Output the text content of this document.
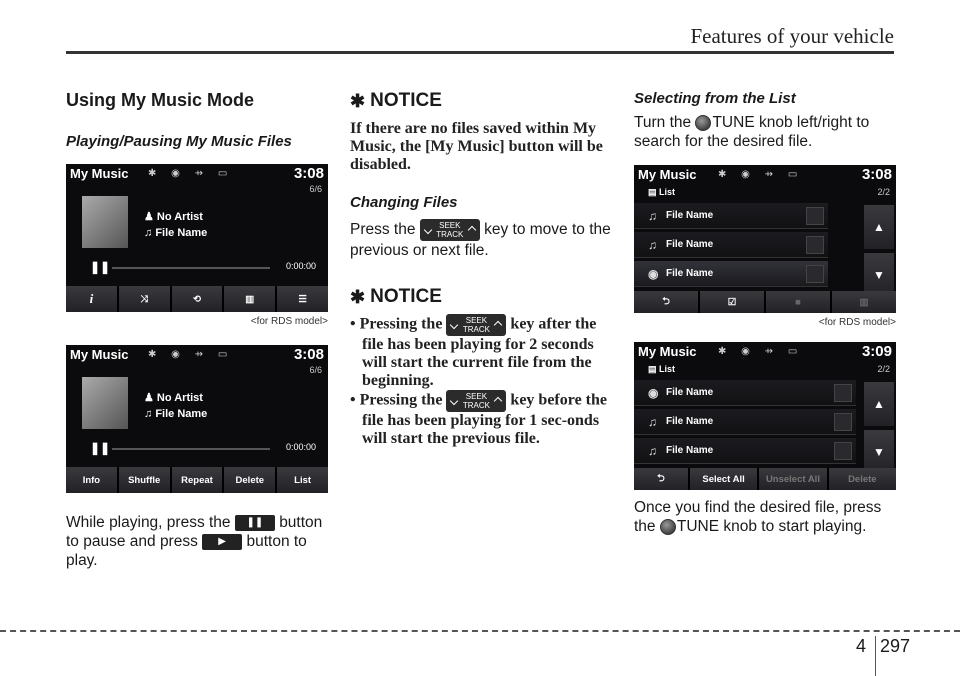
Features of your vehicle
Using My Music Mode
Playing/Pausing My Music Files
My Music ✱ ◉ ⇸ ▭	3:08
6/6
♟ No Artist
♫ File Name
❚❚	0:00:00
i	⤨	⟲	▥	☰
<for RDS model>
My Music ✱ ◉ ⇸ ▭	3:08
6/6
♟ No Artist
♫ File Name
❚❚	0:00:00
Info	Shuffle	Repeat	Delete	List

While playing, press the ❚❚ button to pause and press ▶ button to play.

✱ NOTICE

If there are no files saved within My Music, the [My Music] button will be disabled.

Changing Files

Press the	SEEK
TRACK key to move to the previous or next file.

✱ NOTICE

• Pressing the	SEEK
TRACK key after the file has been playing for 2 seconds will start the current file from the beginning.

• Pressing the	SEEK
TRACK key before the file has been playing for 1 sec-onds will start the previous file.

Selecting from the List

Turn the TUNE knob left/right to search for the desired file.

My Music ✱ ◉ ⇸ ▭	3:08
▤ List	2/2
♫ File Name
♫ File Name
◉ File Name
▲
▼
⮌	☑	■	▥
<for RDS model>
My Music ✱ ◉ ⇸ ▭	3:09
▤ List	2/2
◉ File Name
♫ File Name
♫ File Name
▲
▼
⮌	Select All	Unselect All	Delete

Once you find the desired file, press the TUNE knob to start playing.

4 297
